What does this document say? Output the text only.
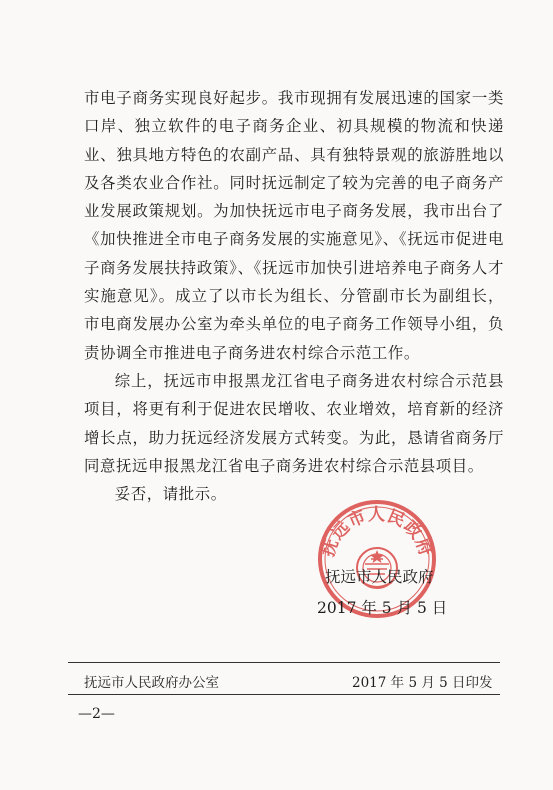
市电子商务实现良好起步。我市现拥有发展迅速的国家一类口岸、独立软件的电子商务企业、初具规模的物流和快递业、独具地方特色的农副产品、具有独特景观的旅游胜地以及各类农业合作社。同时抚远制定了较为完善的电子商务产业发展政策规划。为加快抚远市电子商务发展，我市出台了《加快推进全市电子商务发展的实施意见》、《抚远市促进电子商务发展扶持政策》、《抚远市加快引进培养电子商务人才实施意见》。成立了以市长为组长、分管副市长为副组长，市电商发展办公室为牵头单位的电子商务工作领导小组，负责协调全市推进电子商务进农村综合示范工作。

综上，抚远市申报黑龙江省电子商务进农村综合示范县项目，将更有利于促进农民增收、农业增效，培育新的经济增长点，助力抚远经济发展方式转变。为此，恳请省商务厅同意抚远申报黑龙江省电子商务进农村综合示范县项目。

妥否，请批示。

抚远市人民政府
抚远市人民政府
2017 年 5 月 5 日
抚远市人民政府办公室	2017 年 5 月 5 日印发
—2—
